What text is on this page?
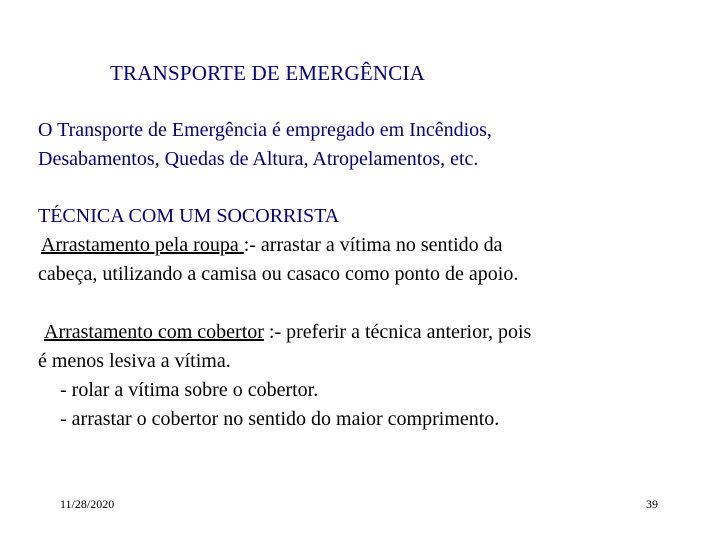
TRANSPORTE DE EMERGÊNCIA
O Transporte de Emergência é empregado em Incêndios,
Desabamentos, Quedas de Altura, Atropelamentos, etc.
TÉCNICA COM UM SOCORRISTA
Arrastamento pela roupa :- arrastar a vítima no sentido da
cabeça, utilizando a camisa ou casaco como ponto de apoio.
Arrastamento com cobertor :- preferir a técnica anterior, pois
é menos lesiva a vítima.
- rolar a vítima sobre o cobertor.
- arrastar o cobertor no sentido do maior comprimento.
11/28/2020	39
